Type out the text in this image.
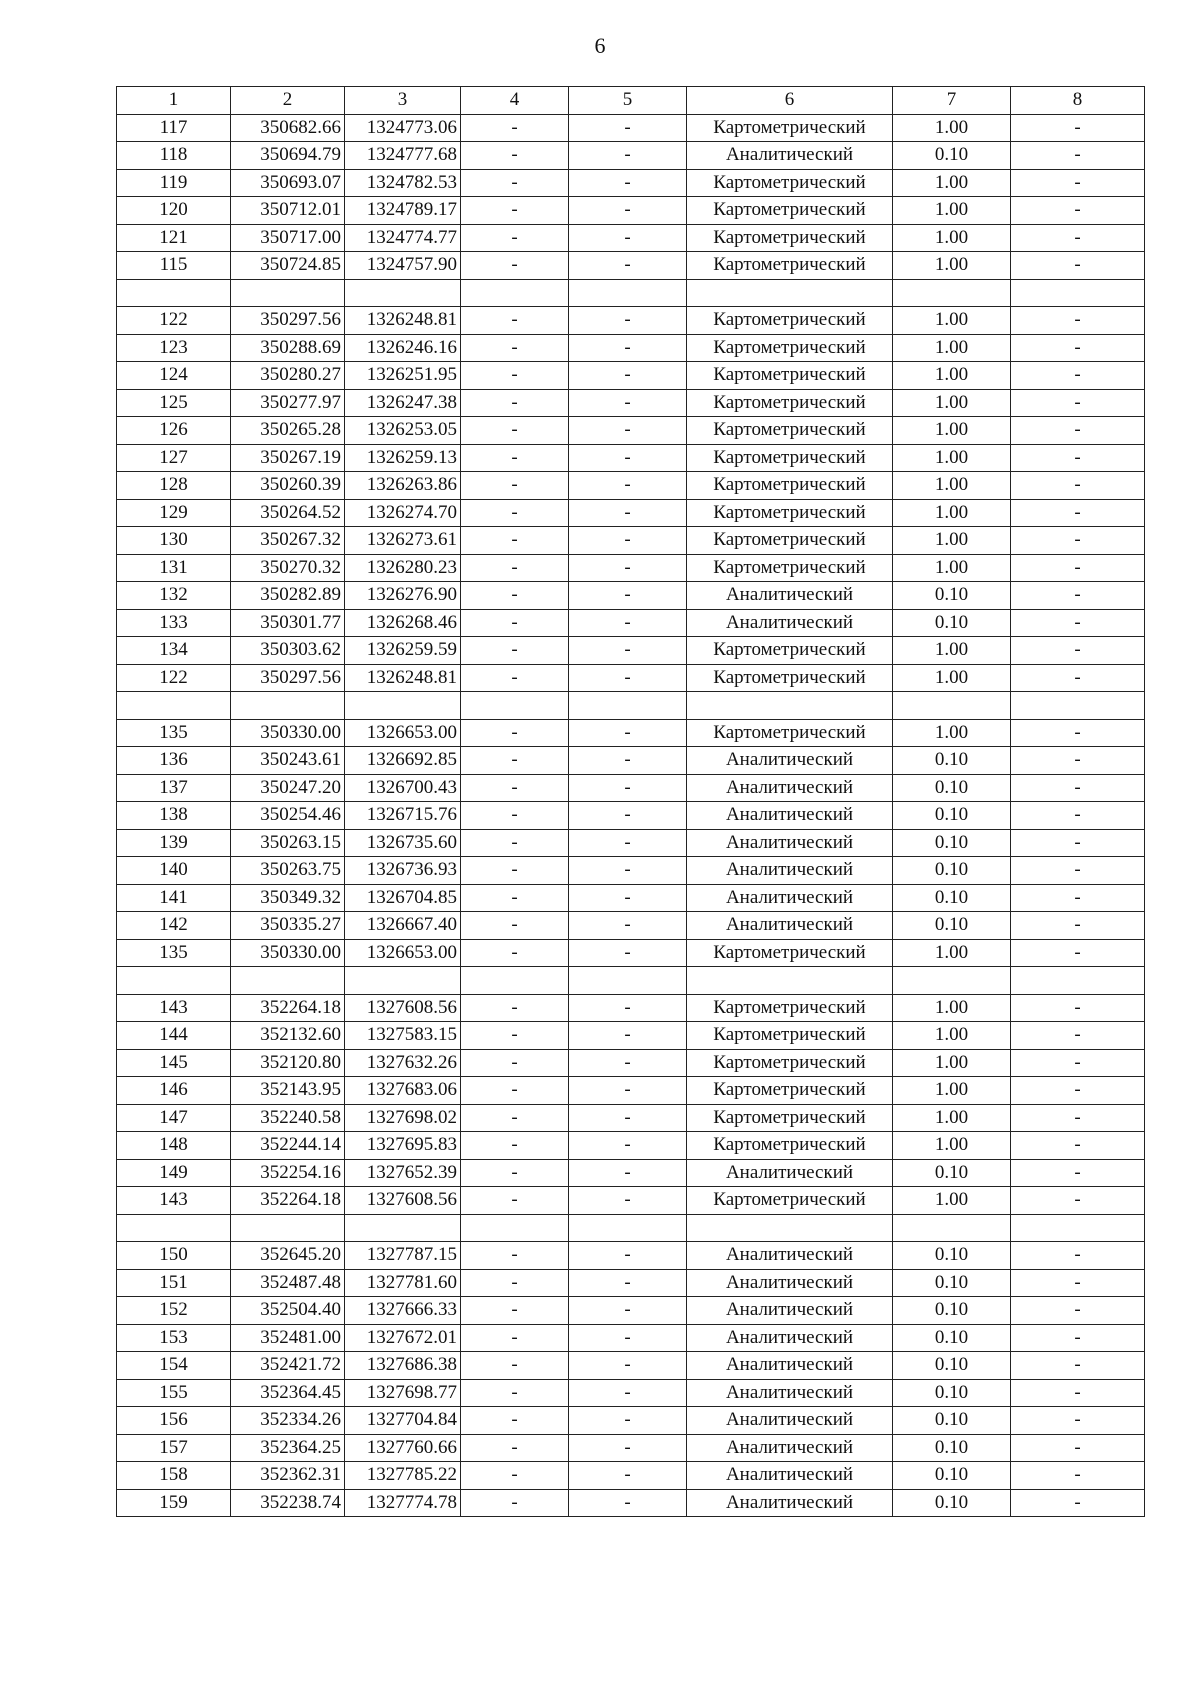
6
1	2	3	4	5	6	7	8
117	350682.66	1324773.06	-	-	Картометрический	1.00	-
118	350694.79	1324777.68	-	-	Аналитический	0.10	-
119	350693.07	1324782.53	-	-	Картометрический	1.00	-
120	350712.01	1324789.17	-	-	Картометрический	1.00	-
121	350717.00	1324774.77	-	-	Картометрический	1.00	-
115	350724.85	1324757.90	-	-	Картометрический	1.00	-

122	350297.56	1326248.81	-	-	Картометрический	1.00	-
123	350288.69	1326246.16	-	-	Картометрический	1.00	-
124	350280.27	1326251.95	-	-	Картометрический	1.00	-
125	350277.97	1326247.38	-	-	Картометрический	1.00	-
126	350265.28	1326253.05	-	-	Картометрический	1.00	-
127	350267.19	1326259.13	-	-	Картометрический	1.00	-
128	350260.39	1326263.86	-	-	Картометрический	1.00	-
129	350264.52	1326274.70	-	-	Картометрический	1.00	-
130	350267.32	1326273.61	-	-	Картометрический	1.00	-
131	350270.32	1326280.23	-	-	Картометрический	1.00	-
132	350282.89	1326276.90	-	-	Аналитический	0.10	-
133	350301.77	1326268.46	-	-	Аналитический	0.10	-
134	350303.62	1326259.59	-	-	Картометрический	1.00	-
122	350297.56	1326248.81	-	-	Картометрический	1.00	-

135	350330.00	1326653.00	-	-	Картометрический	1.00	-
136	350243.61	1326692.85	-	-	Аналитический	0.10	-
137	350247.20	1326700.43	-	-	Аналитический	0.10	-
138	350254.46	1326715.76	-	-	Аналитический	0.10	-
139	350263.15	1326735.60	-	-	Аналитический	0.10	-
140	350263.75	1326736.93	-	-	Аналитический	0.10	-
141	350349.32	1326704.85	-	-	Аналитический	0.10	-
142	350335.27	1326667.40	-	-	Аналитический	0.10	-
135	350330.00	1326653.00	-	-	Картометрический	1.00	-

143	352264.18	1327608.56	-	-	Картометрический	1.00	-
144	352132.60	1327583.15	-	-	Картометрический	1.00	-
145	352120.80	1327632.26	-	-	Картометрический	1.00	-
146	352143.95	1327683.06	-	-	Картометрический	1.00	-
147	352240.58	1327698.02	-	-	Картометрический	1.00	-
148	352244.14	1327695.83	-	-	Картометрический	1.00	-
149	352254.16	1327652.39	-	-	Аналитический	0.10	-
143	352264.18	1327608.56	-	-	Картометрический	1.00	-

150	352645.20	1327787.15	-	-	Аналитический	0.10	-
151	352487.48	1327781.60	-	-	Аналитический	0.10	-
152	352504.40	1327666.33	-	-	Аналитический	0.10	-
153	352481.00	1327672.01	-	-	Аналитический	0.10	-
154	352421.72	1327686.38	-	-	Аналитический	0.10	-
155	352364.45	1327698.77	-	-	Аналитический	0.10	-
156	352334.26	1327704.84	-	-	Аналитический	0.10	-
157	352364.25	1327760.66	-	-	Аналитический	0.10	-
158	352362.31	1327785.22	-	-	Аналитический	0.10	-
159	352238.74	1327774.78	-	-	Аналитический	0.10	-
